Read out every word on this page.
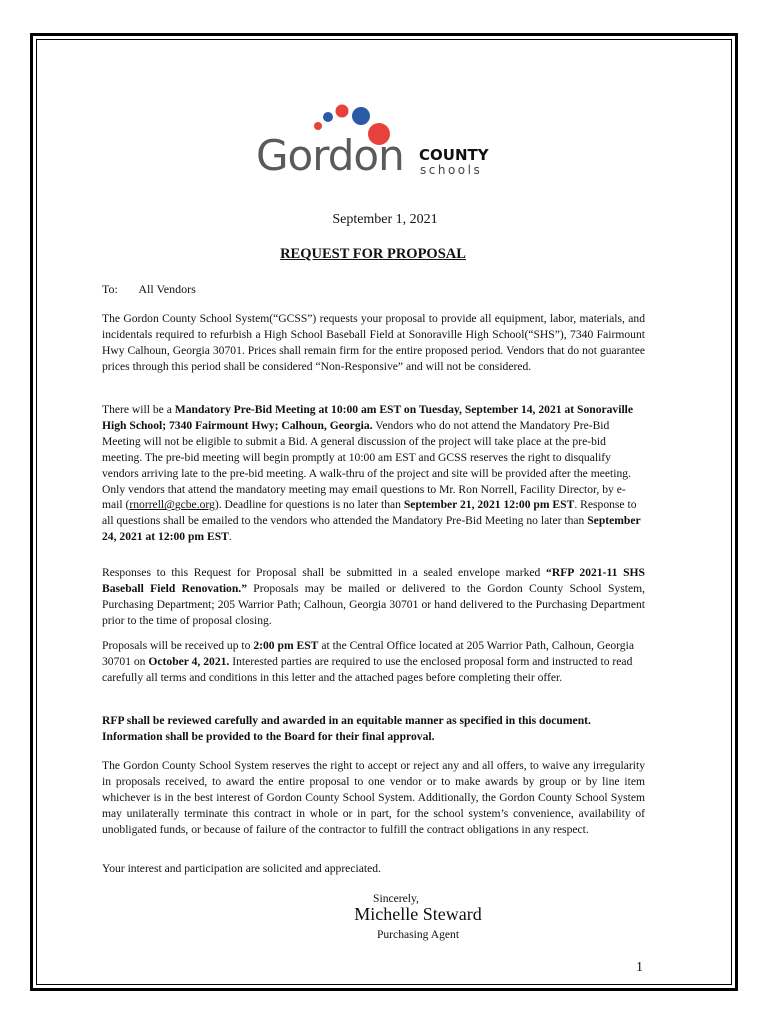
Gordon COUNTY
schools
September 1, 2021
REQUEST FOR PROPOSAL
To: All Vendors
The Gordon County School System(“GCSS”) requests your proposal to provide all equipment, labor, materials, and incidentals required to refurbish a High School Baseball Field at Sonoraville High School(“SHS”), 7340 Fairmount Hwy Calhoun, Georgia 30701. Prices shall remain firm for the entire proposed period. Vendors that do not guarantee prices through this period shall be considered “Non-Responsive” and will not be considered.
There will be a Mandatory Pre-Bid Meeting at 10:00 am EST on Tuesday, September 14, 2021 at Sonoraville High School; 7340 Fairmount Hwy; Calhoun, Georgia. Vendors who do not attend the Mandatory Pre-Bid Meeting will not be eligible to submit a Bid. A general discussion of the project will take place at the pre-bid meeting. The pre-bid meeting will begin promptly at 10:00 am EST and GCSS reserves the right to disqualify vendors arriving late to the pre-bid meeting. A walk-thru of the project and site will be provided after the meeting. Only vendors that attend the mandatory meeting may email questions to Mr. Ron Norrell, Facility Director, by e-mail (rnorrell@gcbe.org). Deadline for questions is no later than September 21, 2021 12:00 pm EST. Response to all questions shall be emailed to the vendors who attended the Mandatory Pre-Bid Meeting no later than September 24, 2021 at 12:00 pm EST.
Responses to this Request for Proposal shall be submitted in a sealed envelope marked “RFP 2021-11 SHS Baseball Field Renovation.” Proposals may be mailed or delivered to the Gordon County School System, Purchasing Department; 205 Warrior Path; Calhoun, Georgia 30701 or hand delivered to the Purchasing Department prior to the time of proposal closing.
Proposals will be received up to 2:00 pm EST at the Central Office located at 205 Warrior Path, Calhoun, Georgia 30701 on October 4, 2021. Interested parties are required to use the enclosed proposal form and instructed to read carefully all terms and conditions in this letter and the attached pages before completing their offer.
RFP shall be reviewed carefully and awarded in an equitable manner as specified in this document. Information shall be provided to the Board for their final approval.
The Gordon County School System reserves the right to accept or reject any and all offers, to waive any irregularity in proposals received, to award the entire proposal to one vendor or to make awards by group or by line item whichever is in the best interest of Gordon County School System. Additionally, the Gordon County School System may unilaterally terminate this contract in whole or in part, for the school system’s convenience, availability of unobligated funds, or because of failure of the contractor to fulfill the contract obligations in any respect.
Your interest and participation are solicited and appreciated.
Sincerely,
Michelle Steward
Purchasing Agent
1
